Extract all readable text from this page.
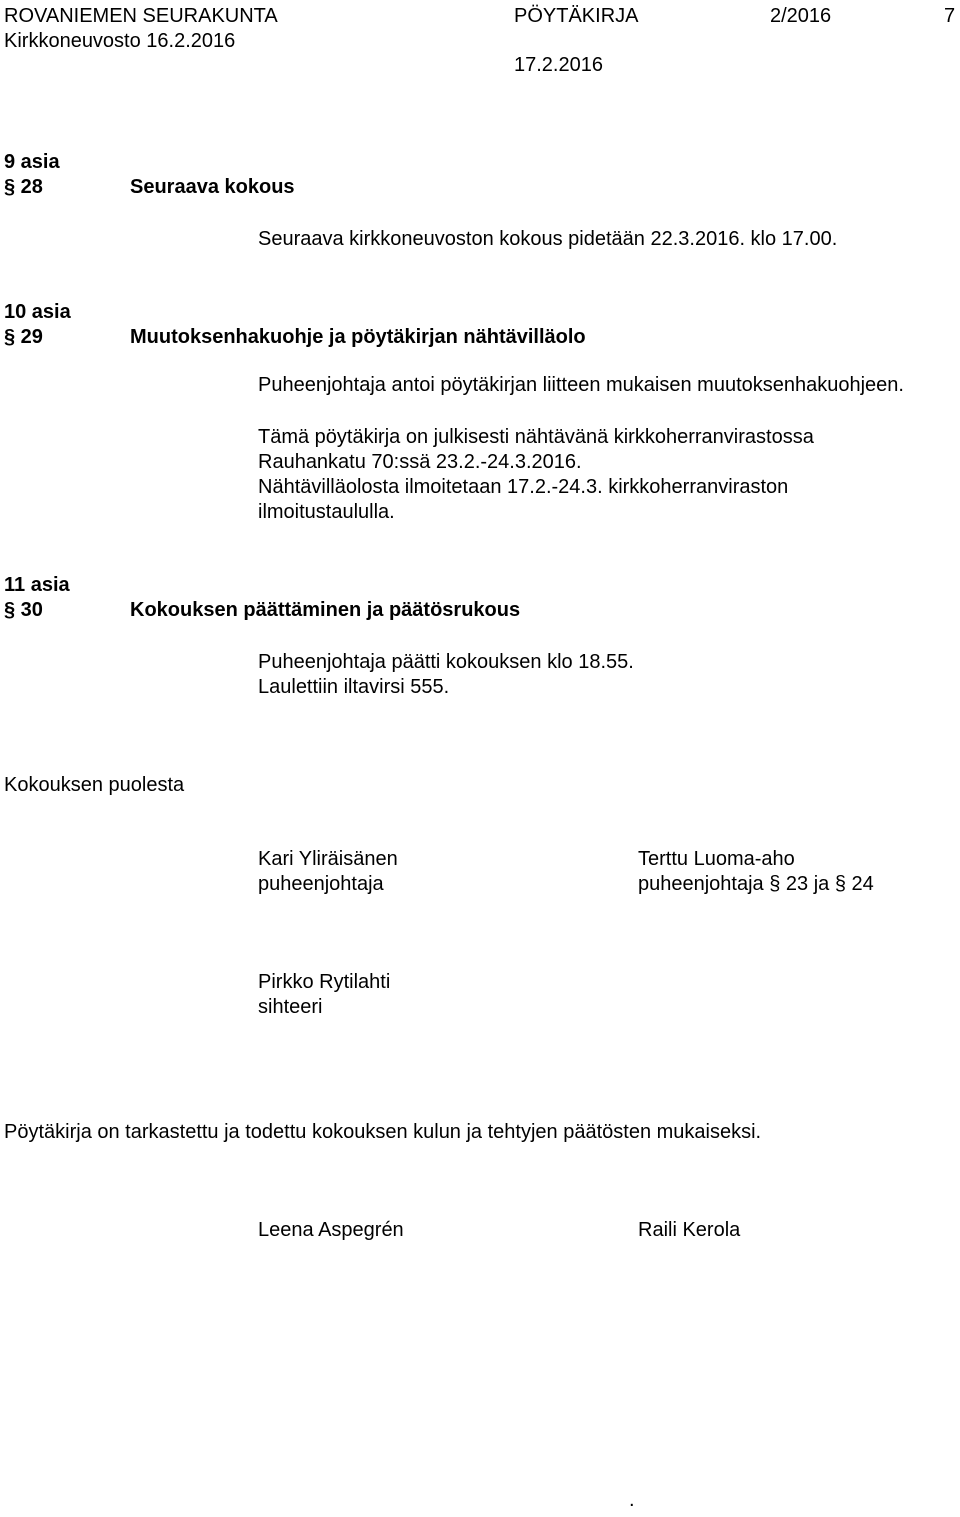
ROVANIEMEN SEURAKUNTA	PÖYTÄKIRJA	2/2016	7
Kirkkoneuvosto 16.2.2016
17.2.2016
9 asia
§ 28	Seuraava kokous
Seuraava kirkkoneuvoston kokous pidetään 22.3.2016. klo 17.00.
10 asia
§ 29	Muutoksenhakuohje ja pöytäkirjan nähtävilläolo
Puheenjohtaja antoi pöytäkirjan liitteen mukaisen muutoksenhakuohjeen.
Tämä pöytäkirja on julkisesti nähtävänä kirkkoherranvirastossa
Rauhankatu 70:ssä 23.2.-24.3.2016.
Nähtävilläolosta ilmoitetaan 17.2.-24.3. kirkkoherranviraston
ilmoitustaululla.
11 asia
§ 30	Kokouksen päättäminen ja päätösrukous
Puheenjohtaja päätti kokouksen klo 18.55.
Laulettiin iltavirsi 555.
Kokouksen puolesta
Kari Yliräisänen
puheenjohtaja
Terttu Luoma-aho
puheenjohtaja § 23 ja § 24
Pirkko Rytilahti
sihteeri
Pöytäkirja on tarkastettu ja todettu kokouksen kulun ja tehtyjen päätösten mukaiseksi.
Leena Aspegrén	Raili Kerola
.
